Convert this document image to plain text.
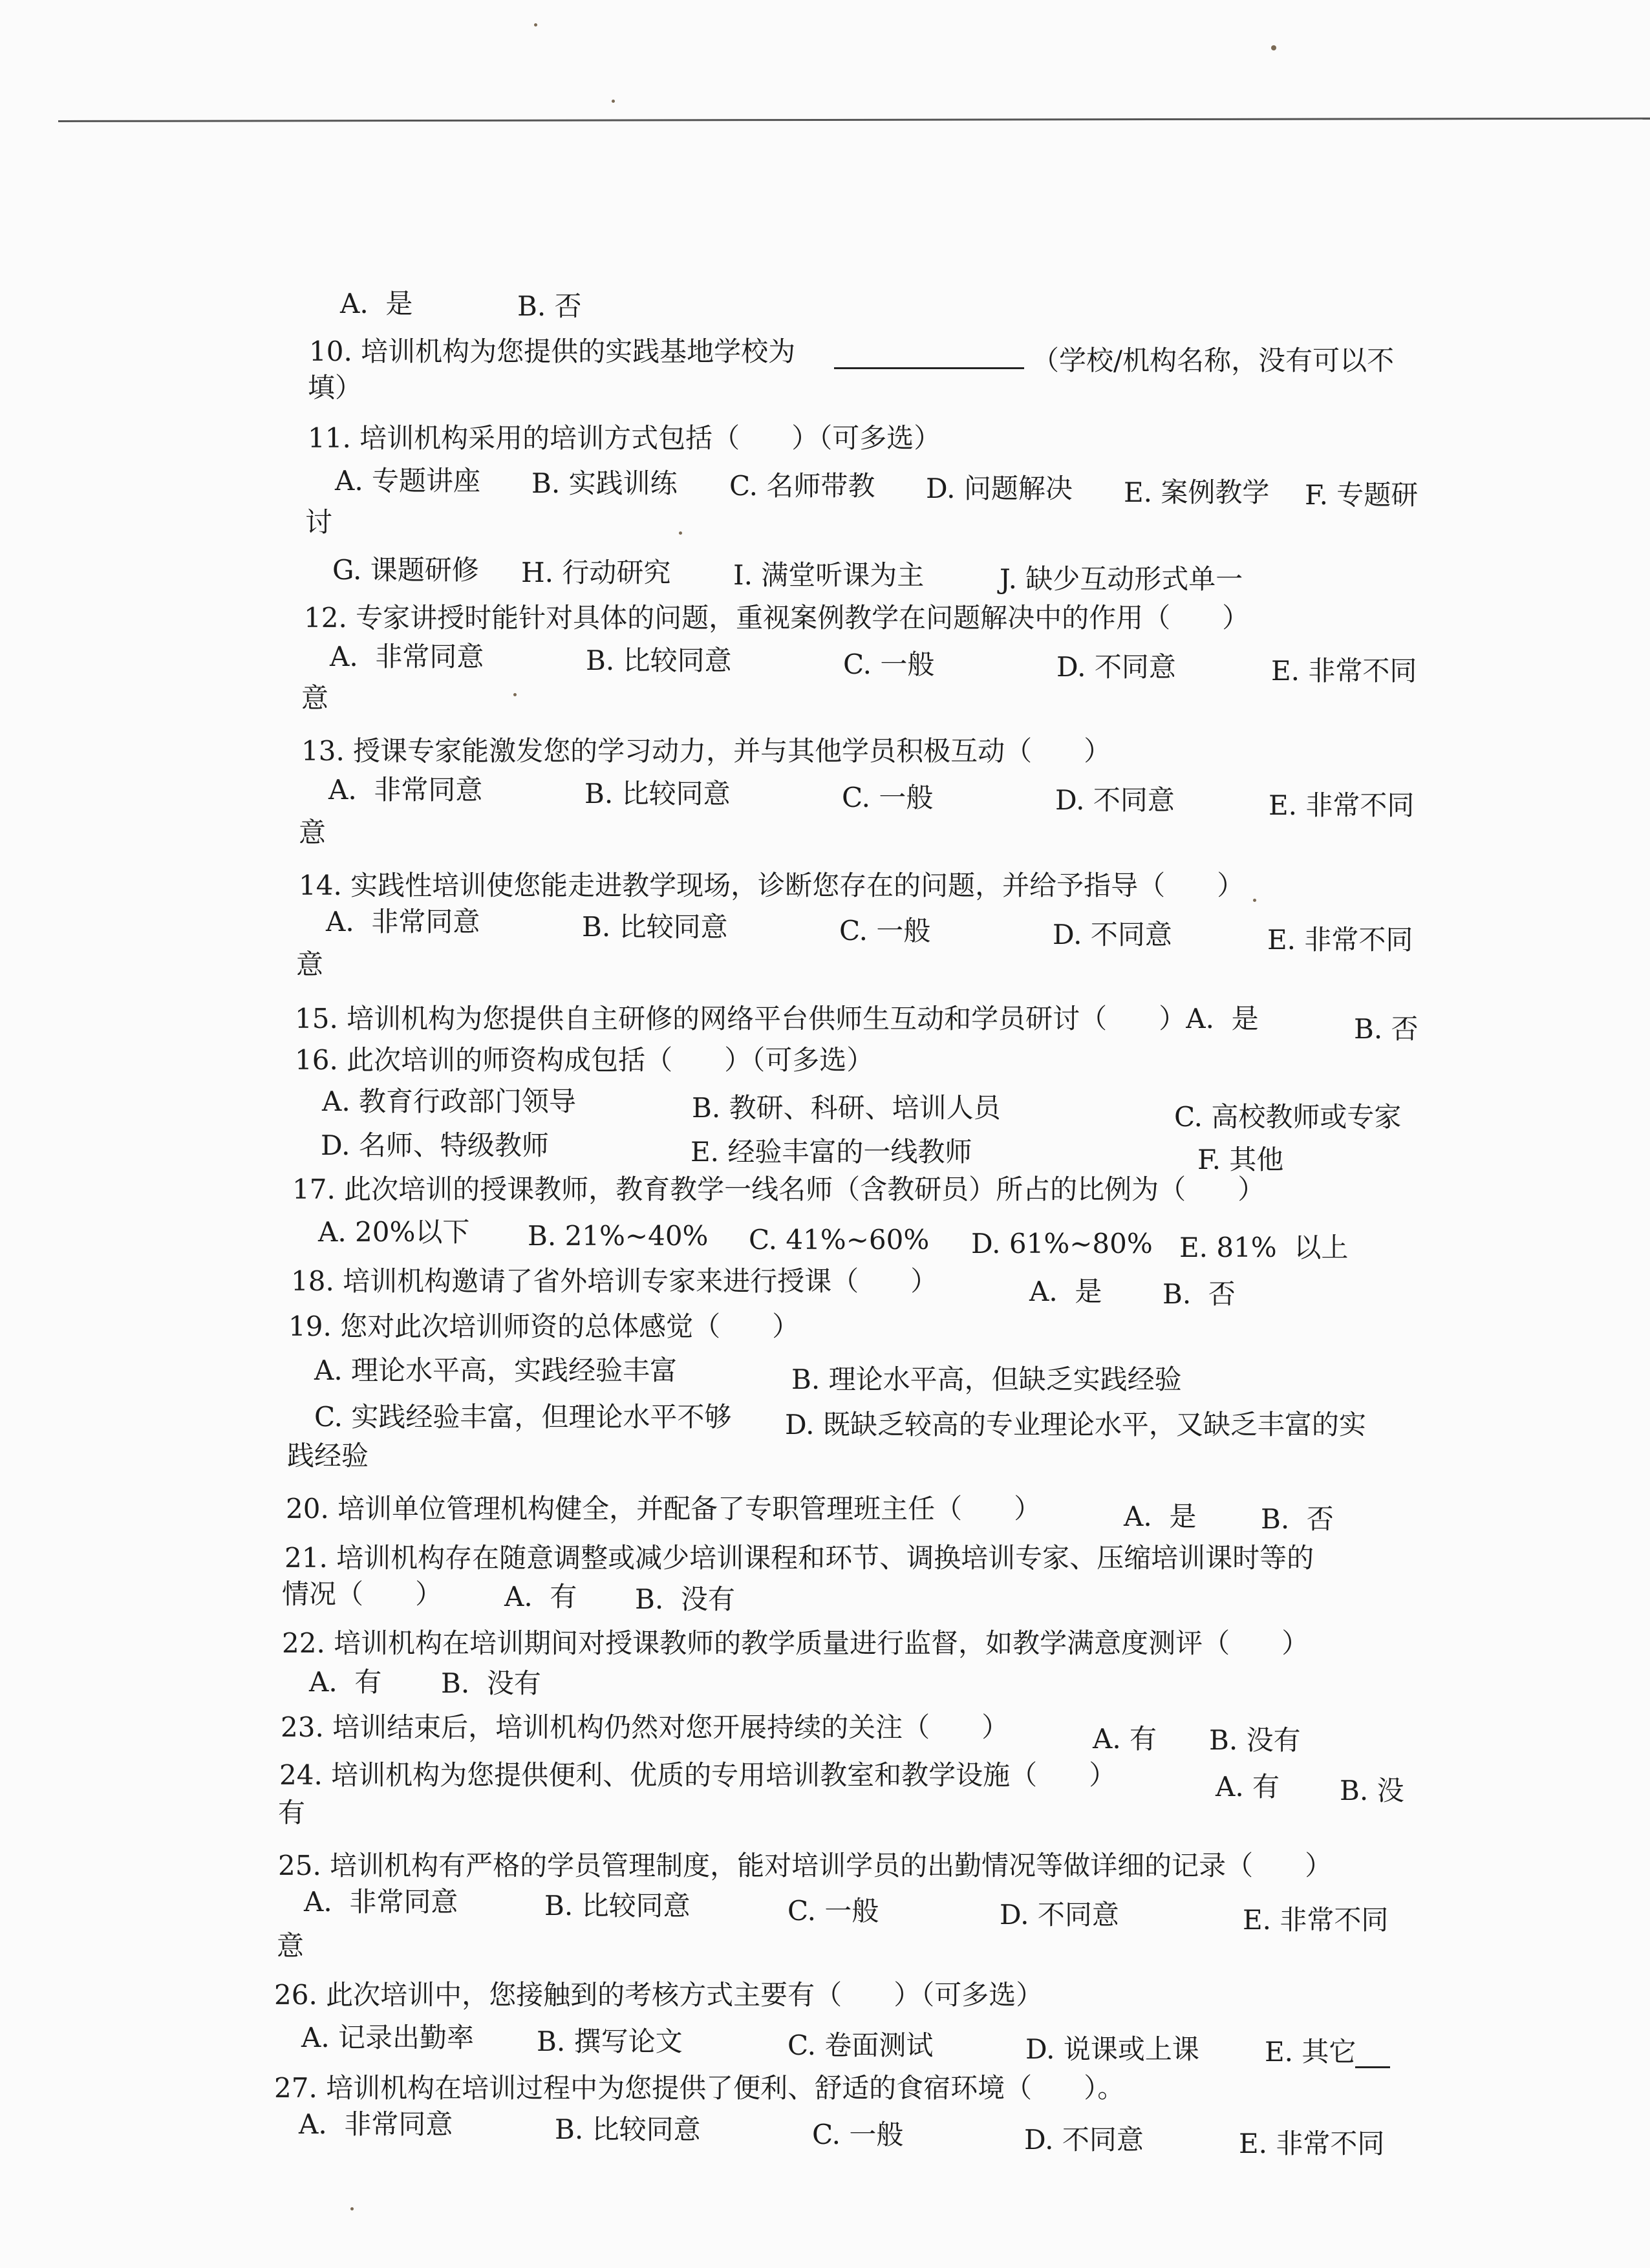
A.  是	B. 否
10. 培训机构为您提供的实践基地学校为	（学校/机构名称，没有可以不
填）
11. 培训机构采用的培训方式包括（      ）（可多选）
A. 专题讲座 B. 实践训练 C. 名师带教 D. 问题解决 E. 案例教学 F. 专题研
讨
G. 课题研修 H. 行动研究 I. 满堂听课为主	J. 缺少互动形式单一
12. 专家讲授时能针对具体的问题，重视案例教学在问题解决中的作用（      ）
A.  非常同意	B. 比较同意	C. 一般	D. 不同意	E. 非常不同
意
13. 授课专家能激发您的学习动力，并与其他学员积极互动（      ）
A.  非常同意	B. 比较同意	C. 一般	D. 不同意	E. 非常不同
意
14. 实践性培训使您能走进教学现场，诊断您存在的问题，并给予指导（      ）
A.  非常同意	B. 比较同意	C. 一般	D. 不同意	E. 非常不同
意
15. 培训机构为您提供自主研修的网络平台供师生互动和学员研讨（      ）A.  是	B. 否
16. 此次培训的师资构成包括（      ）（可多选）
A. 教育行政部门领导	B. 教研、科研、培训人员	C. 高校教师或专家
D. 名师、特级教师	E. 经验丰富的一线教师	F. 其他
17. 此次培训的授课教师，教育教学一线名师（含教研员）所占的比例为（      ）
A. 20%以下 B. 21%~40% C. 41%~60% D. 61%~80% E. 81%  以上
18. 培训机构邀请了省外培训专家来进行授课（      ）	A.  是 B.  否
19. 您对此次培训师资的总体感觉（      ）
A. 理论水平高，实践经验丰富	B. 理论水平高，但缺乏实践经验
C. 实践经验丰富，但理论水平不够 D. 既缺乏较高的专业理论水平，又缺乏丰富的实
践经验
20. 培训单位管理机构健全，并配备了专职管理班主任（      ）	A.  是 B.  否
21. 培训机构存在随意调整或减少培训课程和环节、调换培训专家、压缩培训课时等的
情况（      ） A.  有 B.  没有
22. 培训机构在培训期间对授课教师的教学质量进行监督，如教学满意度测评（      ）
A.  有 B.  没有
23. 培训结束后，培训机构仍然对您开展持续的关注（      ）	A. 有 B. 没有
24. 培训机构为您提供便利、优质的专用培训教室和教学设施（      ）	A. 有 B. 没
有
25. 培训机构有严格的学员管理制度，能对培训学员的出勤情况等做详细的记录（      ）
A.  非常同意	B. 比较同意	C. 一般	D. 不同意	E. 非常不同
意
26. 此次培训中，您接触到的考核方式主要有（      ）（可多选）
A. 记录出勤率 B. 撰写论文	C. 卷面测试	D. 说课或上课 E. 其它
27. 培训机构在培训过程中为您提供了便利、舒适的食宿环境（      ）。
A.  非常同意	B. 比较同意	C. 一般	D. 不同意	E. 非常不同
